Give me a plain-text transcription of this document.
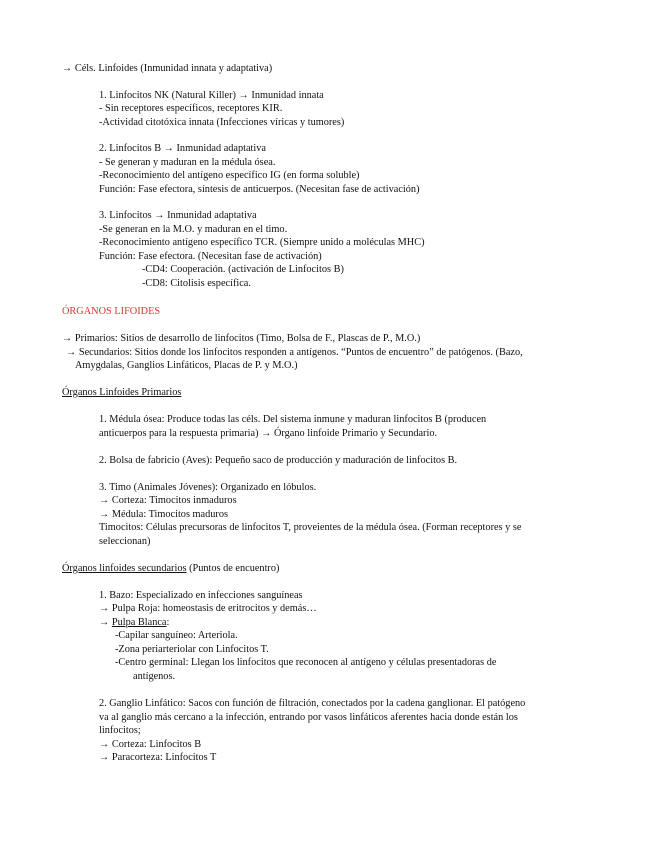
→ Céls. Linfoides (Inmunidad innata y adaptativa)
1. Linfocitos NK (Natural Killer) → Inmunidad innata
- Sin receptores específicos, receptores KIR.
-Actividad citotóxica innata (Infecciones víricas y tumores)
2. Linfocitos B → Inmunidad adaptativa
- Se generan y maduran en la médula ósea.
-Reconocimiento del antígeno específico IG (en forma soluble)
Función: Fase efectora, síntesis de anticuerpos. (Necesitan fase de activación)
3. Linfocitos → Inmunidad adaptativa
-Se generan en la M.O. y maduran en el timo.
-Reconocimiento antígeno específico TCR. (Siempre unido a moléculas MHC)
Función: Fase efectora. (Necesitan fase de activación)
-CD4: Cooperación. (activación de Linfocitos B)
-CD8: Citolisis específica.
ÓRGANOS LIFOIDES
→ Primarios: Sitios de desarrollo de linfocitos (Timo, Bolsa de F., Plascas de P., M.O.)
→ Secundarios: Sitios donde los linfocitos responden a antígenos. “Puntos de encuentro” de patógenos. (Bazo,
Amygdalas, Ganglios Linfáticos, Placas de P. y M.O.)
Órganos Linfoides Primarios
1. Médula ósea: Produce todas las céls. Del sistema inmune y maduran linfocitos B (producen
anticuerpos para la respuesta primaria) → Órgano linfoide Primario y Secundario.
2. Bolsa de fabricio (Aves): Pequeño saco de producción y maduración de linfocitos B.
3. Timo (Animales Jóvenes): Organizado en lóbulos.
→ Corteza: Timocitos inmaduros
→ Médula: Timocitos maduros
Timocitos: Células precursoras de linfocitos T, proveientes de la médula ósea. (Forman receptores y se
seleccionan)
Órganos linfoides secundarios (Puntos de encuentro)
1. Bazo: Especializado en infecciones sanguíneas
→ Pulpa Roja: homeostasis de eritrocitos y demás…
→ Pulpa Blanca:
-Capilar sanguíneo: Arteriola.
-Zona periarteriolar con Linfocitos T.
-Centro germinal: Llegan los linfocitos que reconocen al antígeno y células presentadoras de
antígenos.
2. Ganglio Linfático: Sacos con función de filtración, conectados por la cadena ganglionar. El patógeno
va al ganglio más cercano a la infección, entrando por vasos linfáticos aferentes hacia donde están los
linfocitos;
→ Corteza: Linfocitos B
→ Paracorteza: Linfocitos T
